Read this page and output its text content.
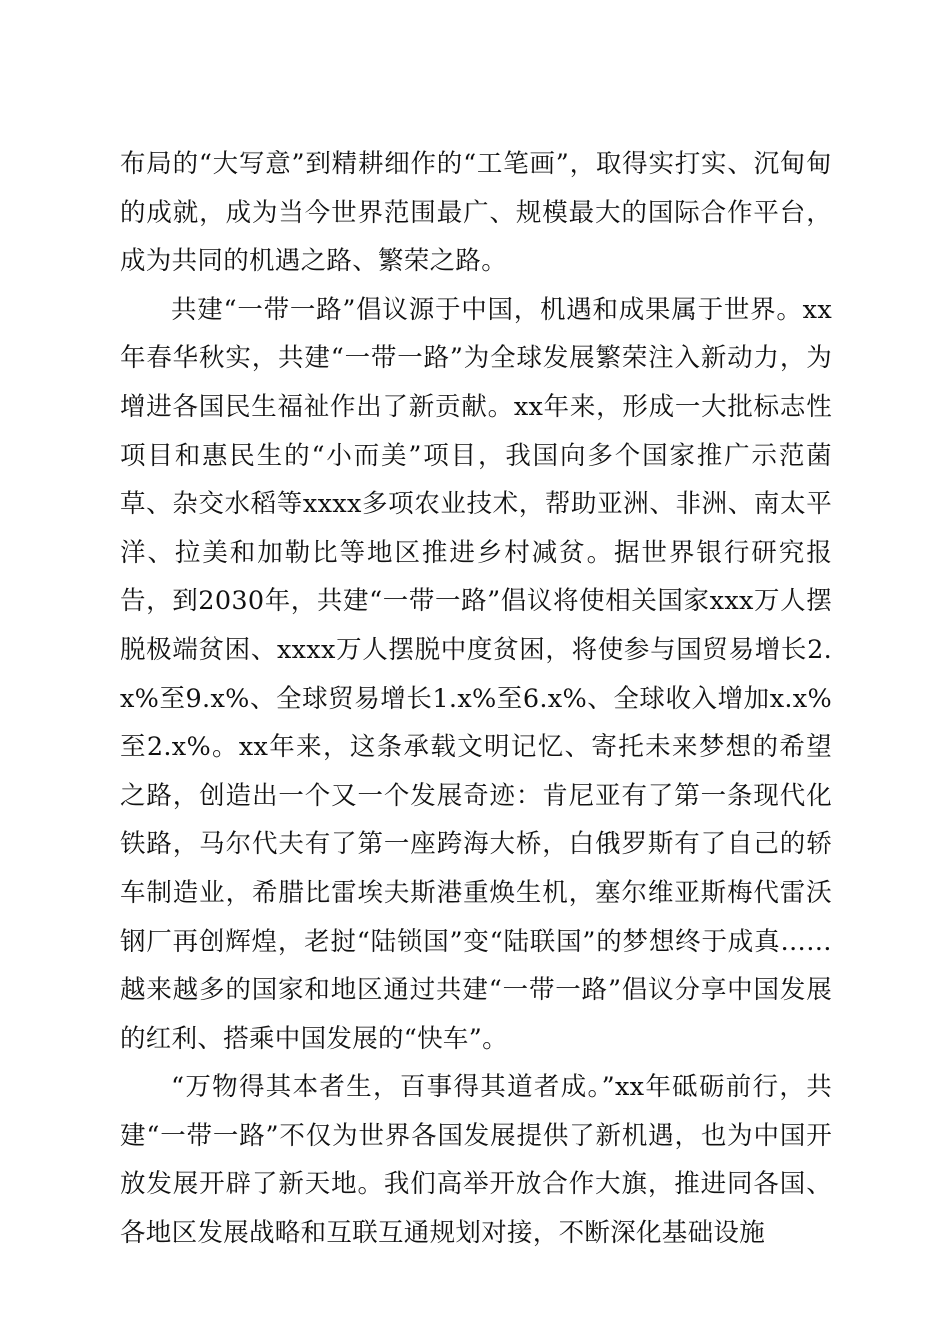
布局的“大写意”到精耕细作的“工笔画”，取得实打实、沉甸甸的成就，成为当今世界范围最广、规模最大的国际合作平台，成为共同的机遇之路、繁荣之路。

共建“一带一路”倡议源于中国，机遇和成果属于世界。xx年春华秋实，共建“一带一路”为全球发展繁荣注入新动力，为增进各国民生福祉作出了新贡献。xx年来，形成一大批标志性项目和惠民生的“小而美”项目，我国向多个国家推广示范菌草、杂交水稻等xxxx多项农业技术，帮助亚洲、非洲、南太平洋、拉美和加勒比等地区推进乡村减贫。据世界银行研究报告，到2030年，共建“一带一路”倡议将使相关国家xxx万人摆脱极端贫困、xxxx万人摆脱中度贫困，将使参与国贸易增长2.x%至9.x%、全球贸易增长1.x%至6.x%、全球收入增加x.x%至2.x%。xx年来，这条承载文明记忆、寄托未来梦想的希望之路，创造出一个又一个发展奇迹：肯尼亚有了第一条现代化铁路，马尔代夫有了第一座跨海大桥，白俄罗斯有了自己的轿车制造业，希腊比雷埃夫斯港重焕生机，塞尔维亚斯梅代雷沃钢厂再创辉煌，老挝“陆锁国”变“陆联国”的梦想终于成真……越来越多的国家和地区通过共建“一带一路”倡议分享中国发展的红利、搭乘中国发展的“快车”。

“万物得其本者生，百事得其道者成。”xx年砥砺前行，共建“一带一路”不仅为世界各国发展提供了新机遇，也为中国开放发展开辟了新天地。我们高举开放合作大旗，推进同各国、各地区发展战略和互联互通规划对接，不断深化基础设施
